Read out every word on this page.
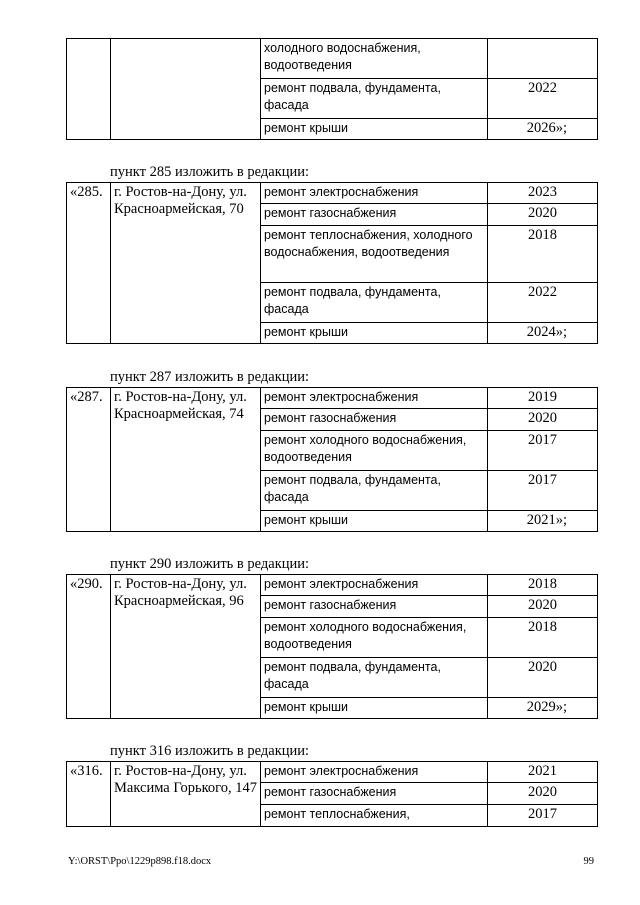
		холодного водоснабжения, водоотведения	
		ремонт подвала, фундамента, фасада	2022
		ремонт крыши	2026»;
пункт 285 изложить в редакции:
«285.	г. Ростов-на-Дону, ул. Красноармейская, 70	ремонт электроснабжения	2023
		ремонт газоснабжения	2020
		ремонт теплоснабжения, холодного водоснабжения, водоотведения	2018
		ремонт подвала, фундамента, фасада	2022
		ремонт крыши	2024»;
пункт 287 изложить в редакции:
«287.	г. Ростов-на-Дону, ул. Красноармейская, 74	ремонт электроснабжения	2019
		ремонт газоснабжения	2020
		ремонт холодного водоснабжения, водоотведения	2017
		ремонт подвала, фундамента, фасада	2017
		ремонт крыши	2021»;
пункт 290 изложить в редакции:
«290.	г. Ростов-на-Дону, ул. Красноармейская, 96	ремонт электроснабжения	2018
		ремонт газоснабжения	2020
		ремонт холодного водоснабжения, водоотведения	2018
		ремонт подвала, фундамента, фасада	2020
		ремонт крыши	2029»;
пункт 316 изложить в редакции:
«316.	г. Ростов-на-Дону, ул. Максима Горького, 147	ремонт электроснабжения	2021
		ремонт газоснабжения	2020
		ремонт теплоснабжения,	2017
Y:\ORST\Ppo\1229p898.f18.docx	99
